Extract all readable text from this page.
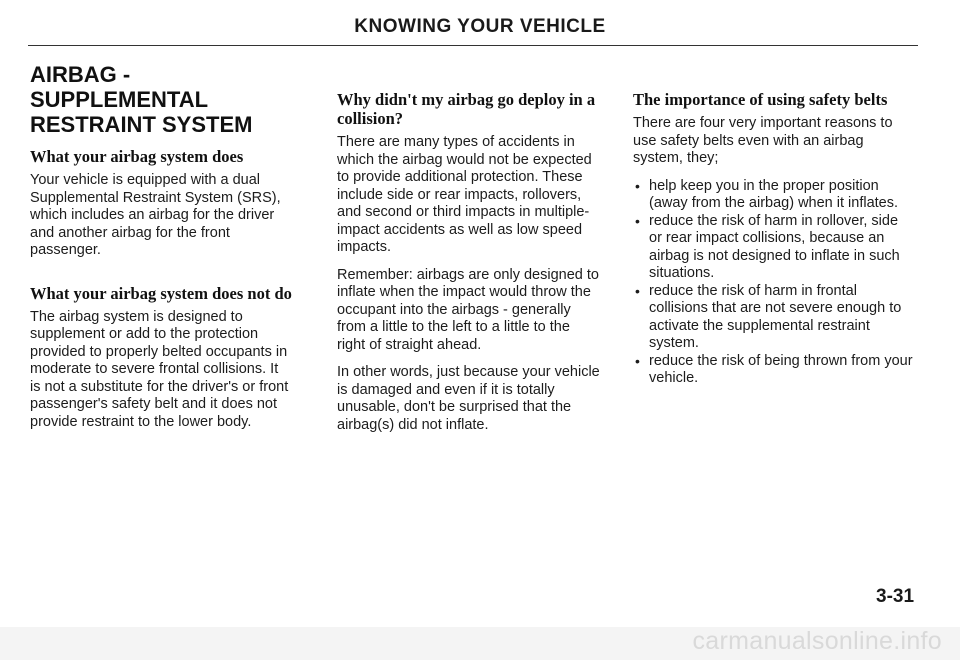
KNOWING YOUR VEHICLE
AIRBAG - SUPPLEMENTAL RESTRAINT SYSTEM
What your airbag system does

Your vehicle is equipped with a dual Supplemental Restraint System (SRS), which includes an airbag for the driver and another airbag for the front passenger.

What your airbag system does not do

The airbag system is designed to supplement or add to the protection provided to properly belted occupants in moderate to severe frontal collisions. It is not a substitute for the driver's or front passenger's safety belt and it does not provide restraint to the lower body.

Why didn't my airbag go deploy in a collision?

There are many types of accidents in which the airbag would not be expected to provide additional protection. These include side or rear impacts, rollovers, and second or third impacts in multiple-impact accidents as well as low speed impacts.

Remember: airbags are only designed to inflate when the impact would throw the occupant into the airbags - generally from a little to the left to a little to the right of straight ahead.

In other words, just because your vehicle is damaged and even if it is totally unusable, don't be surprised that the airbag(s) did not inflate.

The importance of using safety belts

There are four very important reasons to use safety belts even with an airbag system, they;

• help keep you in the proper position (away from the airbag) when it inflates.
• reduce the risk of harm in rollover, side or rear impact collisions, because an airbag is not designed to inflate in such situations.
• reduce the risk of harm in frontal collisions that are not severe enough to activate the supplemental restraint system.
• reduce the risk of being thrown from your vehicle.
3-31
carmanualsonline.info
